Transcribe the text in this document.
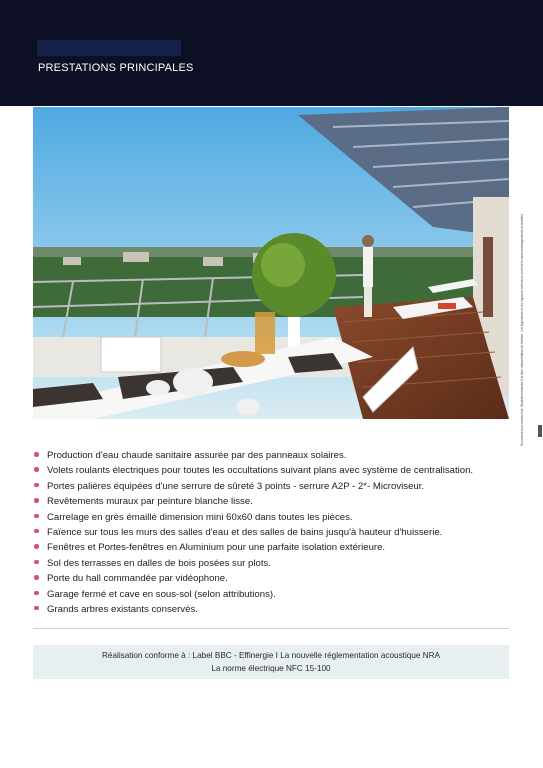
PRESTATIONS PRINCIPALES
Document non contractuel. Illustration laissée à la libre interprétation de l'artiste. Les logements et les espaces extérieurs sont livrés sans aménagements ni mobilier.
Production d'eau chaude sanitaire assurée par des panneaux solaires.
Volets roulants électriques pour toutes les occultations suivant plans avec système de centralisation.
Portes palières équipées d'une serrure de sûreté 3 points - serrure A2P - 2*- Microviseur.
Revêtements muraux par peinture blanche lisse.
Carrelage en grès émaillé dimension mini 60x60 dans toutes les pièces.
Faïence sur tous les murs des salles d'eau et des salles de bains jusqu'à hauteur d'huisserie.
Fenêtres et Portes-fenêtres en Aluminium pour une parfaite isolation extérieure.
Sol des terrasses en dalles de bois posées sur plots.
Porte du hall commandée par vidéophone.
Garage fermé et cave en sous-sol (selon attributions).
Grands arbres existants conservés.
Réalisation conforme à : Label BBC - Effinergie I La nouvelle réglementation acoustique NRA
La norme électrique NFC 15-100
